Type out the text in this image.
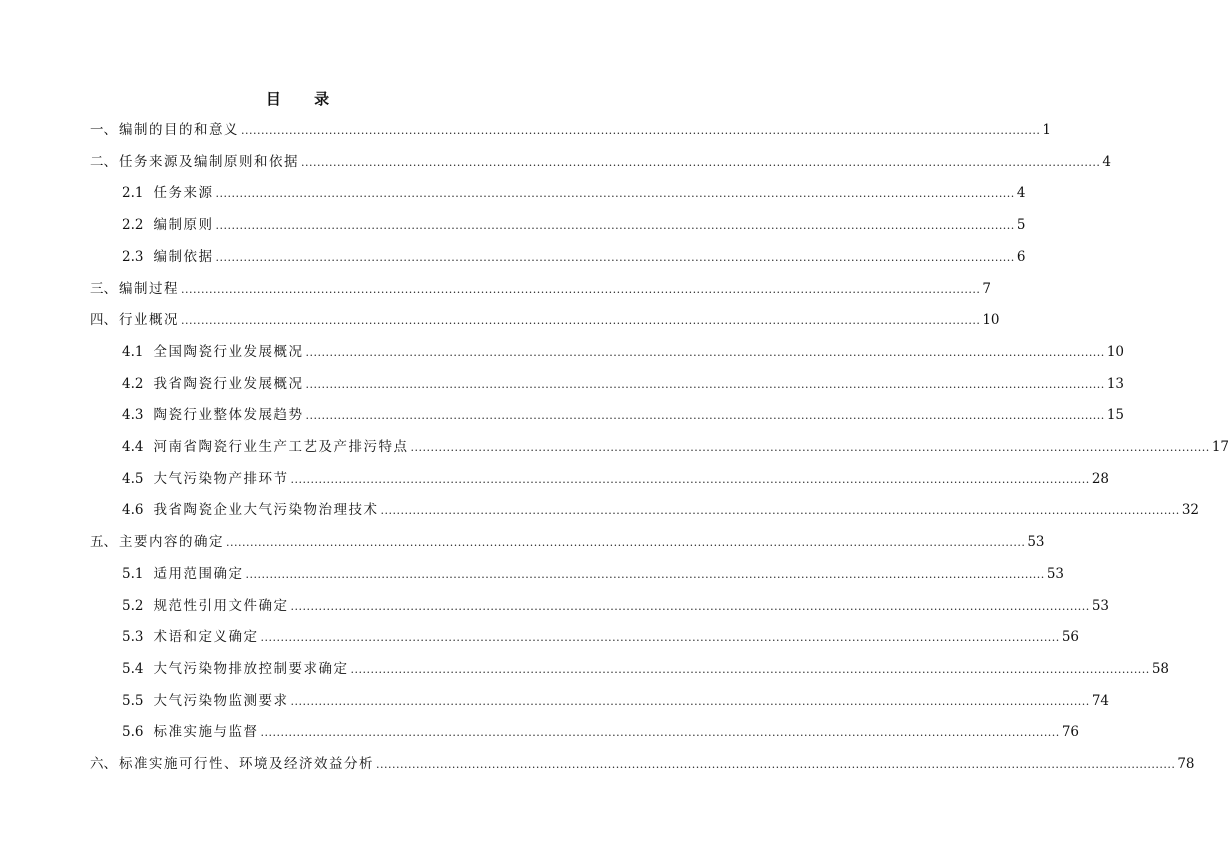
目 录
一、 编制的目的和意义 ........................................................................................................................................................................................................ 1
二、 任务来源及编制原则和依据 ........................................................................................................................................................................................................ 4
2.1 任务来源 ........................................................................................................................................................................................................ 4
2.2 编制原则 ........................................................................................................................................................................................................ 5
2.3 编制依据 ........................................................................................................................................................................................................ 6
三、 编制过程 ........................................................................................................................................................................................................ 7
四、 行业概况 ........................................................................................................................................................................................................ 10
4.1 全国陶瓷行业发展概况 ........................................................................................................................................................................................................ 10
4.2 我省陶瓷行业发展概况 ........................................................................................................................................................................................................ 13
4.3 陶瓷行业整体发展趋势 ........................................................................................................................................................................................................ 15
4.4 河南省陶瓷行业生产工艺及产排污特点 ........................................................................................................................................................................................................ 17
4.5 大气污染物产排环节 ........................................................................................................................................................................................................ 28
4.6 我省陶瓷企业大气污染物治理技术 ........................................................................................................................................................................................................ 32
五、 主要内容的确定 ........................................................................................................................................................................................................ 53
5.1 适用范围确定 ........................................................................................................................................................................................................ 53
5.2 规范性引用文件确定 ........................................................................................................................................................................................................ 53
5.3 术语和定义确定 ........................................................................................................................................................................................................ 56
5.4 大气污染物排放控制要求确定 ........................................................................................................................................................................................................ 58
5.5 大气污染物监测要求 ........................................................................................................................................................................................................ 74
5.6 标准实施与监督 ........................................................................................................................................................................................................ 76
六、 标准实施可行性、环境及经济效益分析 ........................................................................................................................................................................................................ 78
